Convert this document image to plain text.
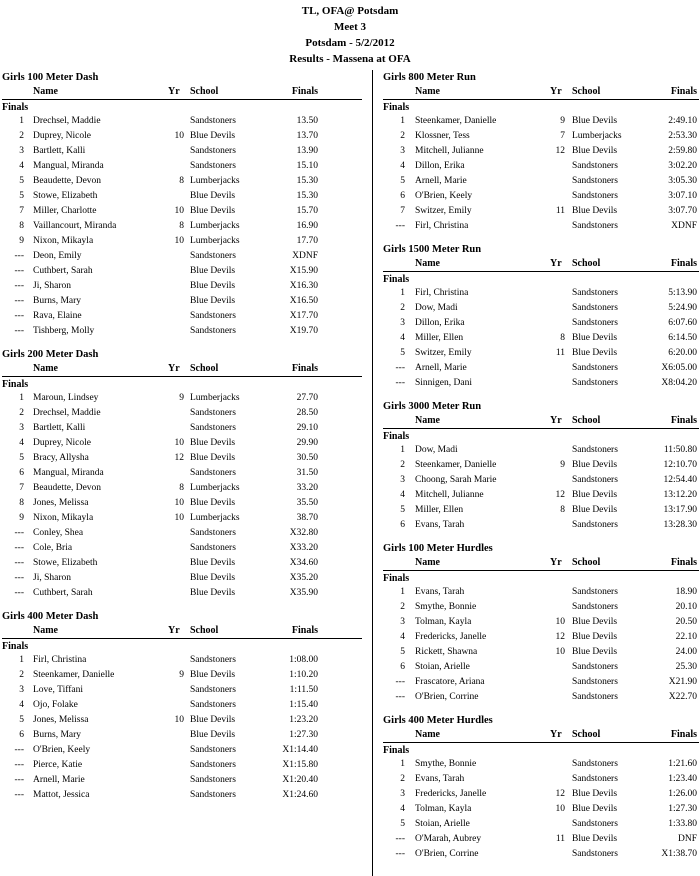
TL, OFA@ Potsdam
Meet 3
Potsdam - 5/2/2012
Results - Massena at OFA
Girls 100 Meter Dash
Name	Yr School	Finals
Finals
1 Drechsel, Maddie	Sandstoners	13.50
2 Duprey, Nicole	10 Blue Devils	13.70
3 Bartlett, Kalli	Sandstoners	13.90
4 Mangual, Miranda	Sandstoners	15.10
5 Beaudette, Devon	8 Lumberjacks	15.30
5 Stowe, Elizabeth	Blue Devils	15.30
7 Miller, Charlotte	10 Blue Devils	15.70
8 Vaillancourt, Miranda	8 Lumberjacks	16.90
9 Nixon, Mikayla	10 Lumberjacks	17.70
--- Deon, Emily	Sandstoners	XDNF
--- Cuthbert, Sarah	Blue Devils	X15.90
--- Ji, Sharon	Blue Devils	X16.30
--- Burns, Mary	Blue Devils	X16.50
--- Rava, Elaine	Sandstoners	X17.70
--- Tishberg, Molly	Sandstoners	X19.70
Girls 200 Meter Dash
Name	Yr School	Finals
Finals
1 Maroun, Lindsey	9 Lumberjacks	27.70
2 Drechsel, Maddie	Sandstoners	28.50
3 Bartlett, Kalli	Sandstoners	29.10
4 Duprey, Nicole	10 Blue Devils	29.90
5 Bracy, Allysha	12 Blue Devils	30.50
6 Mangual, Miranda	Sandstoners	31.50
7 Beaudette, Devon	8 Lumberjacks	33.20
8 Jones, Melissa	10 Blue Devils	35.50
9 Nixon, Mikayla	10 Lumberjacks	38.70
--- Conley, Shea	Sandstoners	X32.80
--- Cole, Bria	Sandstoners	X33.20
--- Stowe, Elizabeth	Blue Devils	X34.60
--- Ji, Sharon	Blue Devils	X35.20
--- Cuthbert, Sarah	Blue Devils	X35.90
Girls 400 Meter Dash
Name	Yr School	Finals
Finals
1 Firl, Christina	Sandstoners	1:08.00
2 Steenkamer, Danielle	9 Blue Devils	1:10.20
3 Love, Tiffani	Sandstoners	1:11.50
4 Ojo, Folake	Sandstoners	1:15.40
5 Jones, Melissa	10 Blue Devils	1:23.20
6 Burns, Mary	Blue Devils	1:27.30
--- O'Brien, Keely	Sandstoners	X1:14.40
--- Pierce, Katie	Sandstoners	X1:15.80
--- Arnell, Marie	Sandstoners	X1:20.40
--- Mattot, Jessica	Sandstoners	X1:24.60
Girls 800 Meter Run
Name	Yr School	Finals
Finals
1 Steenkamer, Danielle	9 Blue Devils	2:49.10
2 Klossner, Tess	7 Lumberjacks	2:53.30
3 Mitchell, Julianne	12 Blue Devils	2:59.80
4 Dillon, Erika	Sandstoners	3:02.20
5 Arnell, Marie	Sandstoners	3:05.30
6 O'Brien, Keely	Sandstoners	3:07.10
7 Switzer, Emily	11 Blue Devils	3:07.70
--- Firl, Christina	Sandstoners	XDNF
Girls 1500 Meter Run
Name	Yr School	Finals
Finals
1 Firl, Christina	Sandstoners	5:13.90
2 Dow, Madi	Sandstoners	5:24.90
3 Dillon, Erika	Sandstoners	6:07.60
4 Miller, Ellen	8 Blue Devils	6:14.50
5 Switzer, Emily	11 Blue Devils	6:20.00
--- Arnell, Marie	Sandstoners	X6:05.00
--- Sinnigen, Dani	Sandstoners	X8:04.20
Girls 3000 Meter Run
Name	Yr School	Finals
Finals
1 Dow, Madi	Sandstoners	11:50.80
2 Steenkamer, Danielle	9 Blue Devils	12:10.70
3 Choong, Sarah Marie	Sandstoners	12:54.40
4 Mitchell, Julianne	12 Blue Devils	13:12.20
5 Miller, Ellen	8 Blue Devils	13:17.90
6 Evans, Tarah	Sandstoners	13:28.30
Girls 100 Meter Hurdles
Name	Yr School	Finals
Finals
1 Evans, Tarah	Sandstoners	18.90
2 Smythe, Bonnie	Sandstoners	20.10
3 Tolman, Kayla	10 Blue Devils	20.50
4 Fredericks, Janelle	12 Blue Devils	22.10
5 Rickett, Shawna	10 Blue Devils	24.00
6 Stoian, Arielle	Sandstoners	25.30
--- Frascatore, Ariana	Sandstoners	X21.90
--- O'Brien, Corrine	Sandstoners	X22.70
Girls 400 Meter Hurdles
Name	Yr School	Finals
Finals
1 Smythe, Bonnie	Sandstoners	1:21.60
2 Evans, Tarah	Sandstoners	1:23.40
3 Fredericks, Janelle	12 Blue Devils	1:26.00
4 Tolman, Kayla	10 Blue Devils	1:27.30
5 Stoian, Arielle	Sandstoners	1:33.80
--- O'Marah, Aubrey	11 Blue Devils	DNF
--- O'Brien, Corrine	Sandstoners	X1:38.70
